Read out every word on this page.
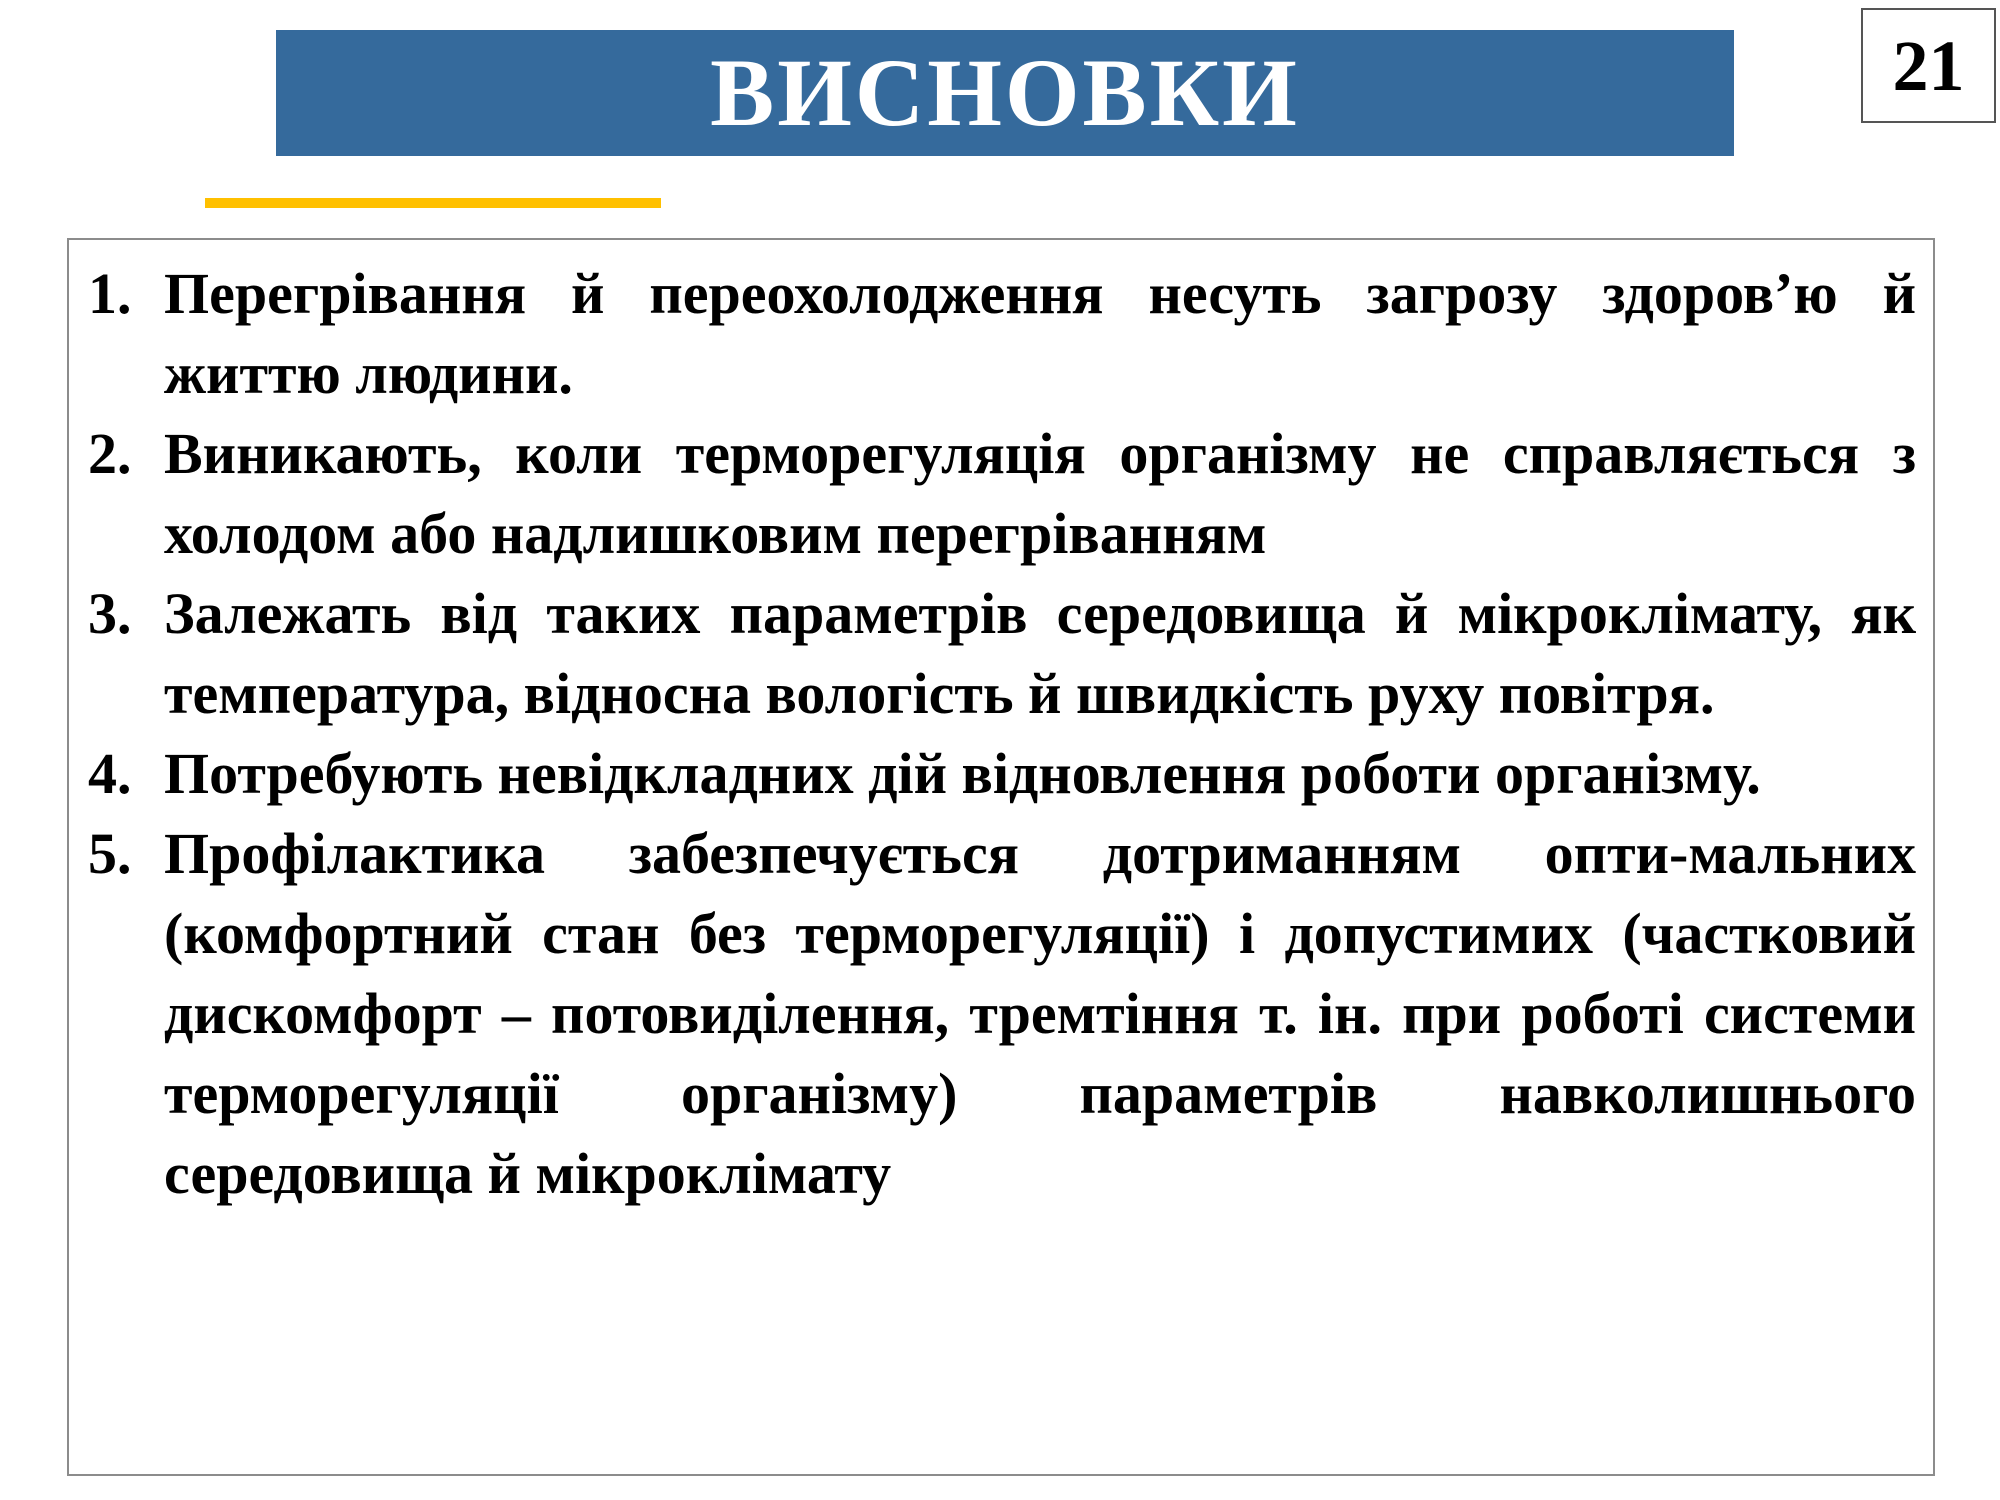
ВИСНОВКИ	21
1. Перегрівання й переохолодження несуть загрозу здоров’ю й життю людини.
2. Виникають, коли терморегуляція організму не справляється з холодом або надлишковим перегріванням
3. Залежать від таких параметрів середовища й мікроклімату, як температура, відносна вологість й швидкість руху повітря.
4. Потребують невідкладних дій відновлення роботи організму.
5. Профілактика забезпечується дотриманням опти-мальних (комфортний стан без терморегуляції) і допустимих (частковий дискомфорт – потовиділення, тремтіння т. ін. при роботі системи терморегуляції організму) параметрів навколишнього середовища й мікроклімату
